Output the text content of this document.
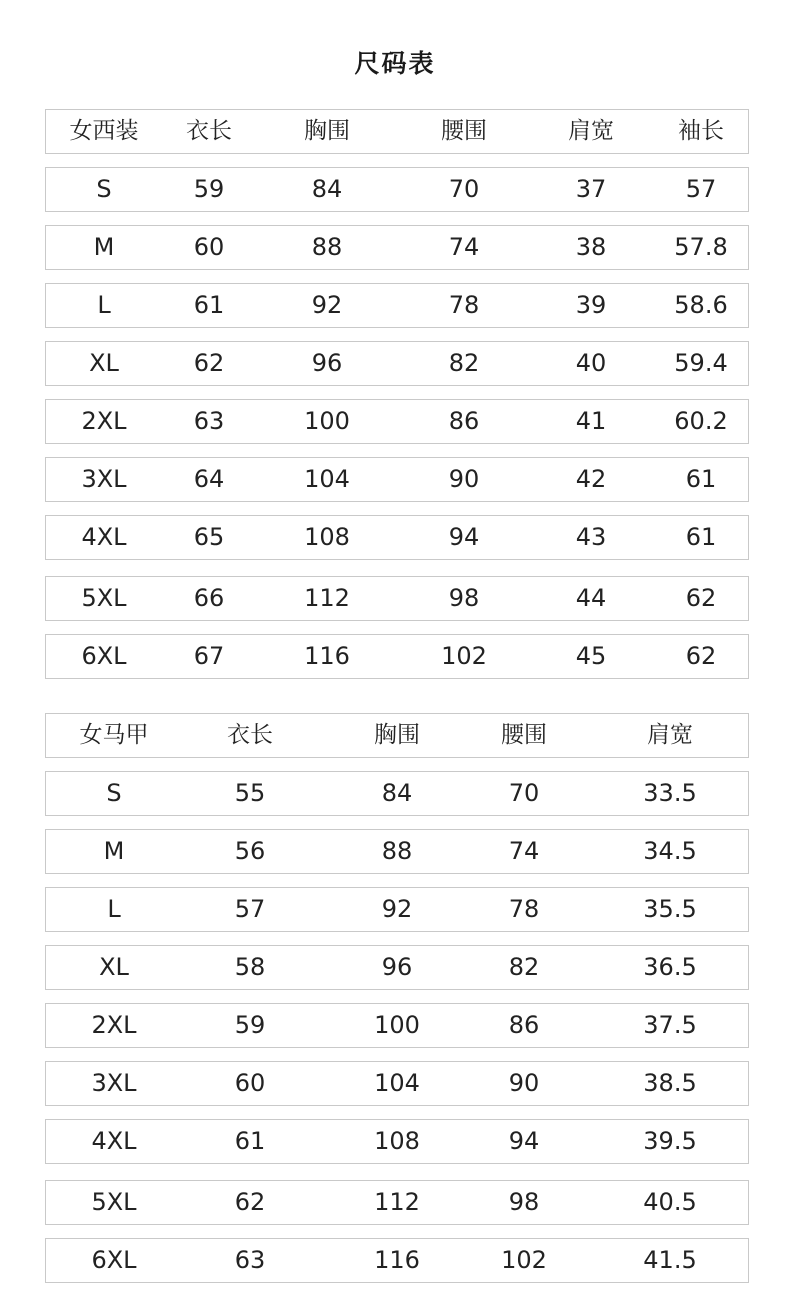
尺码表
女西装	衣长	胸围	腰围	肩宽	袖长
S	59	84	70	37	57
M	60	88	74	38	57.8
L	61	92	78	39	58.6
XL	62	96	82	40	59.4
2XL	63	100	86	41	60.2
3XL	64	104	90	42	61
4XL	65	108	94	43	61
5XL	66	112	98	44	62
6XL	67	116	102	45	62
女马甲	衣长	胸围	腰围	肩宽
S	55	84	70	33.5
M	56	88	74	34.5
L	57	92	78	35.5
XL	58	96	82	36.5
2XL	59	100	86	37.5
3XL	60	104	90	38.5
4XL	61	108	94	39.5
5XL	62	112	98	40.5
6XL	63	116	102	41.5
